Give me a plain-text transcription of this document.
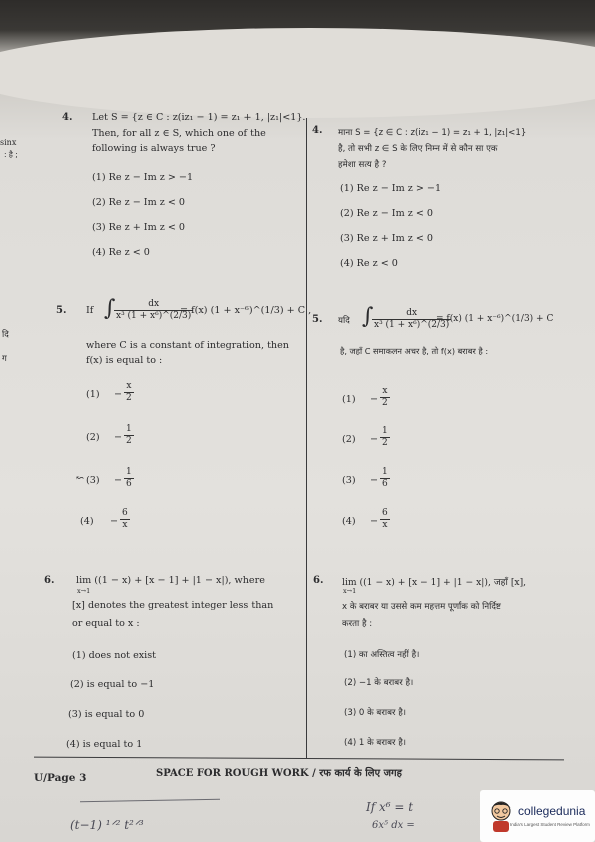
sinx
: है ;
दि
ग
4. Let S = {z ∈ C : z(iz₁ − 1) = z₁ + 1, |z₁|<1}.
Then, for all z ∈ S, which one of the
following is always true ?
(1) Re z − Im z > −1
(2) Re z − Im z < 0
(3) Re z + Im z < 0
(4) Re z < 0
4. माना S = {z ∈ C : z(iz₁ − 1) = z₁ + 1, |z₁|<1}
है, तो सभी z ∈ S के लिए निम्न में से कौन सा एक
हमेशा सत्य है ?
(1) Re z − Im z > −1
(2) Re z − Im z < 0
(3) Re z + Im z < 0
(4) Re z < 0
5. If ∫
$\frac{dx}{\text{x³ (1 + x⁶)\textasciicircum{}(2/3)}}$
= f(x) (1 + x⁻⁶)^(1/3) + C ,
where C is a constant of integration, then
f(x) is equal to :
$(1) - \frac{x}{2}$
$(2) - \frac{1}{2}$
↜ $(3) - \frac{1}{6}$
$(4) - \frac{6}{x}$
5. यदि ∫
$\frac{dx}{\text{x³ (1 + x⁶)\textasciicircum{}(2/3)}}$
= f(x) (1 + x⁻⁶)^(1/3) + C
है, जहाँ C समाकलन अचर है, तो f(x) बराबर है :
$(1) - \frac{x}{2}$
$(2) - \frac{1}{2}$
$(3) - \frac{1}{6}$
$(4) - \frac{6}{x}$
6. lim ((1 − x) + [x − 1] + |1 − x|), where
x→1
[x] denotes the greatest integer less than
or equal to x :
(1) does not exist
(2) is equal to −1
(3) is equal to 0
(4) is equal to 1
6. lim ((1 − x) + [x − 1] + |1 − x|), जहाँ [x],
x→1
x के बराबर या उससे कम महत्तम पूर्णांक को निर्दिष्ट
करता है :
(1) का अस्तित्व नहीं है।
(2) −1 के बराबर है।
(3) 0 के बराबर है।
(4) 1 के बराबर है।
U/Page 3	SPACE FOR ROUGH WORK / रफ कार्य के लिए जगह
(t−1) ¹ᐟ² t²ᐟ³
If x⁶ = t
6x⁵ dx =
collegedunia
India's Largest Student Review Platform
